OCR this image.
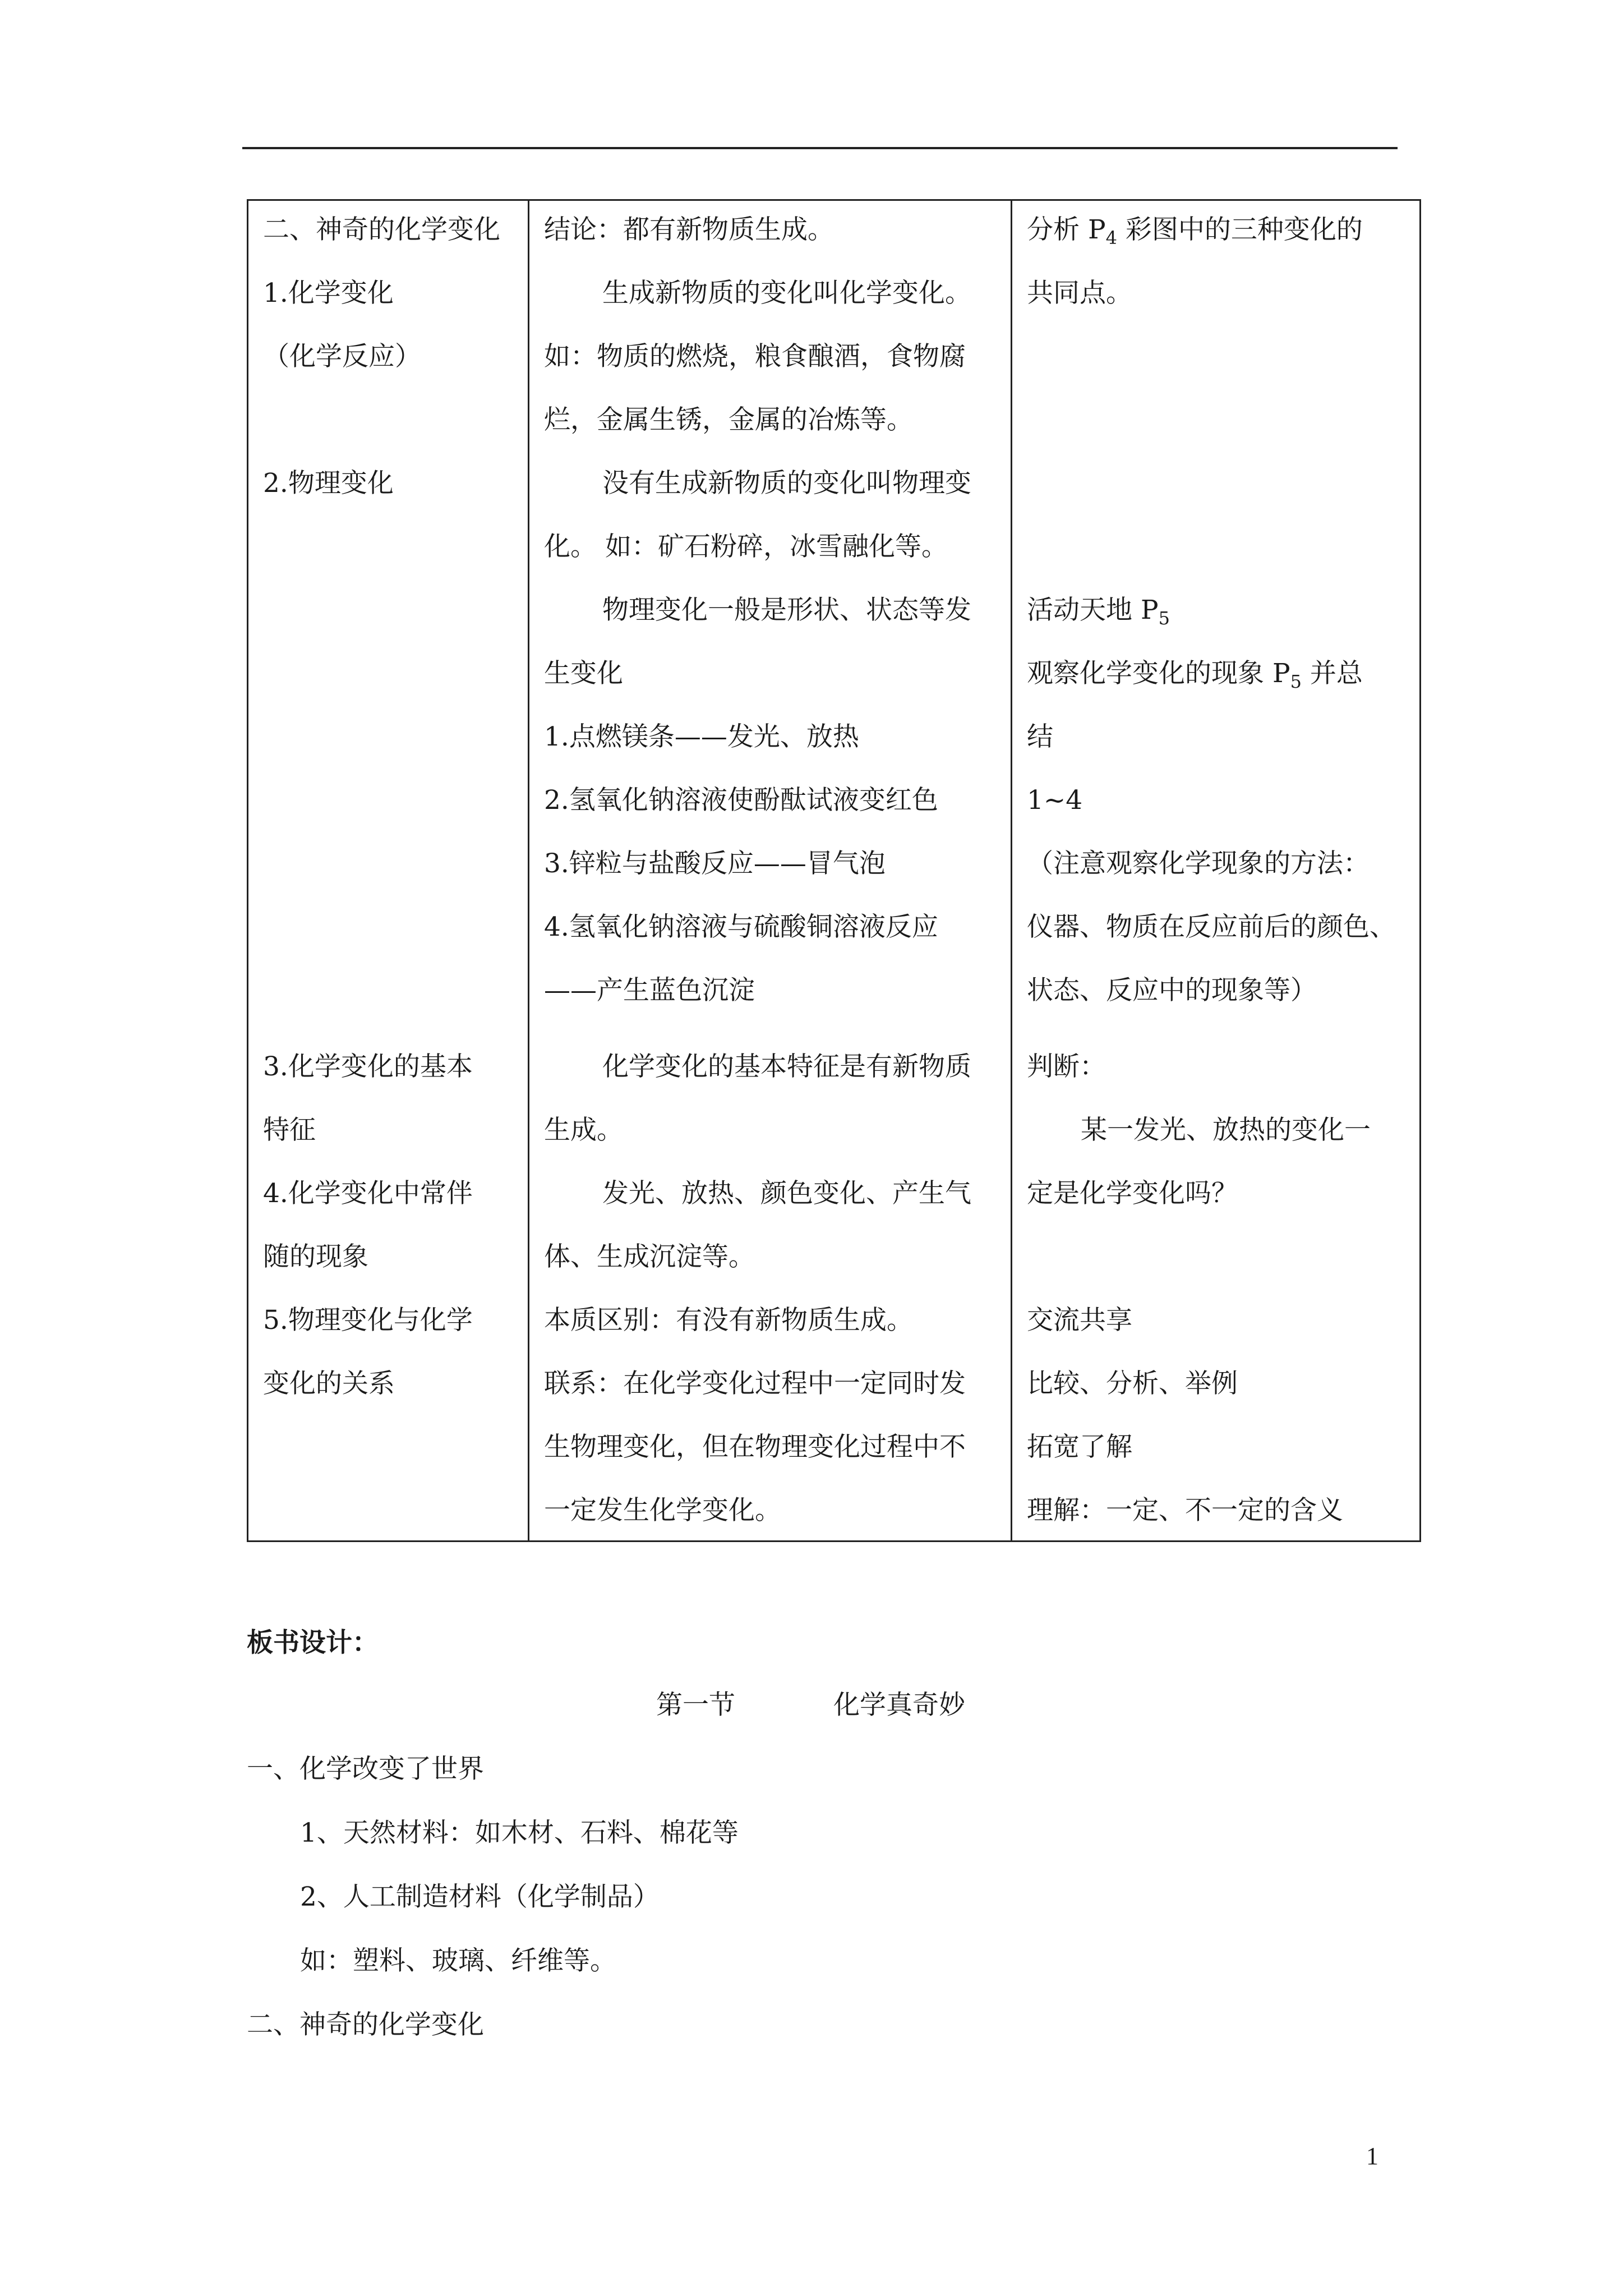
二、神奇的化学变化
1.化学变化
（化学反应）
2.物理变化
3.化学变化的基本
特征
4.化学变化中常伴
随的现象
5.物理变化与化学
变化的关系

结论：都有新物质生成。
生成新物质的变化叫化学变化。
如：物质的燃烧，粮食酿酒，食物腐
烂，金属生锈，金属的冶炼等。
没有生成新物质的变化叫物理变
化。 如：矿石粉碎，冰雪融化等。
物理变化一般是形状、状态等发
生变化
1.点燃镁条——发光、放热
2.氢氧化钠溶液使酚酞试液变红色
3.锌粒与盐酸反应——冒气泡
4.氢氧化钠溶液与硫酸铜溶液反应
——产生蓝色沉淀
化学变化的基本特征是有新物质
生成。
发光、放热、颜色变化、产生气
体、生成沉淀等。
本质区别：有没有新物质生成。
联系：在化学变化过程中一定同时发
生物理变化，但在物理变化过程中不
一定发生化学变化。

分析 $P_4$ 彩图中的三种变化的
共同点。
活动天地 $P_5$
观察化学变化的现象 $P_5$ 并总
结
1~4
（注意观察化学现象的方法：
仪器、物质在反应前后的颜色、
状态、反应中的现象等）
判断：
某一发光、放热的变化一
定是化学变化吗？
交流共享
比较、分析、举例
拓宽了解
理解：一定、不一定的含义
板书设计：
第一节	化学真奇妙
一、化学改变了世界
1、天然材料：如木材、石料、棉花等
2、人工制造材料（化学制品）
如：塑料、玻璃、纤维等。
二、神奇的化学变化
1
